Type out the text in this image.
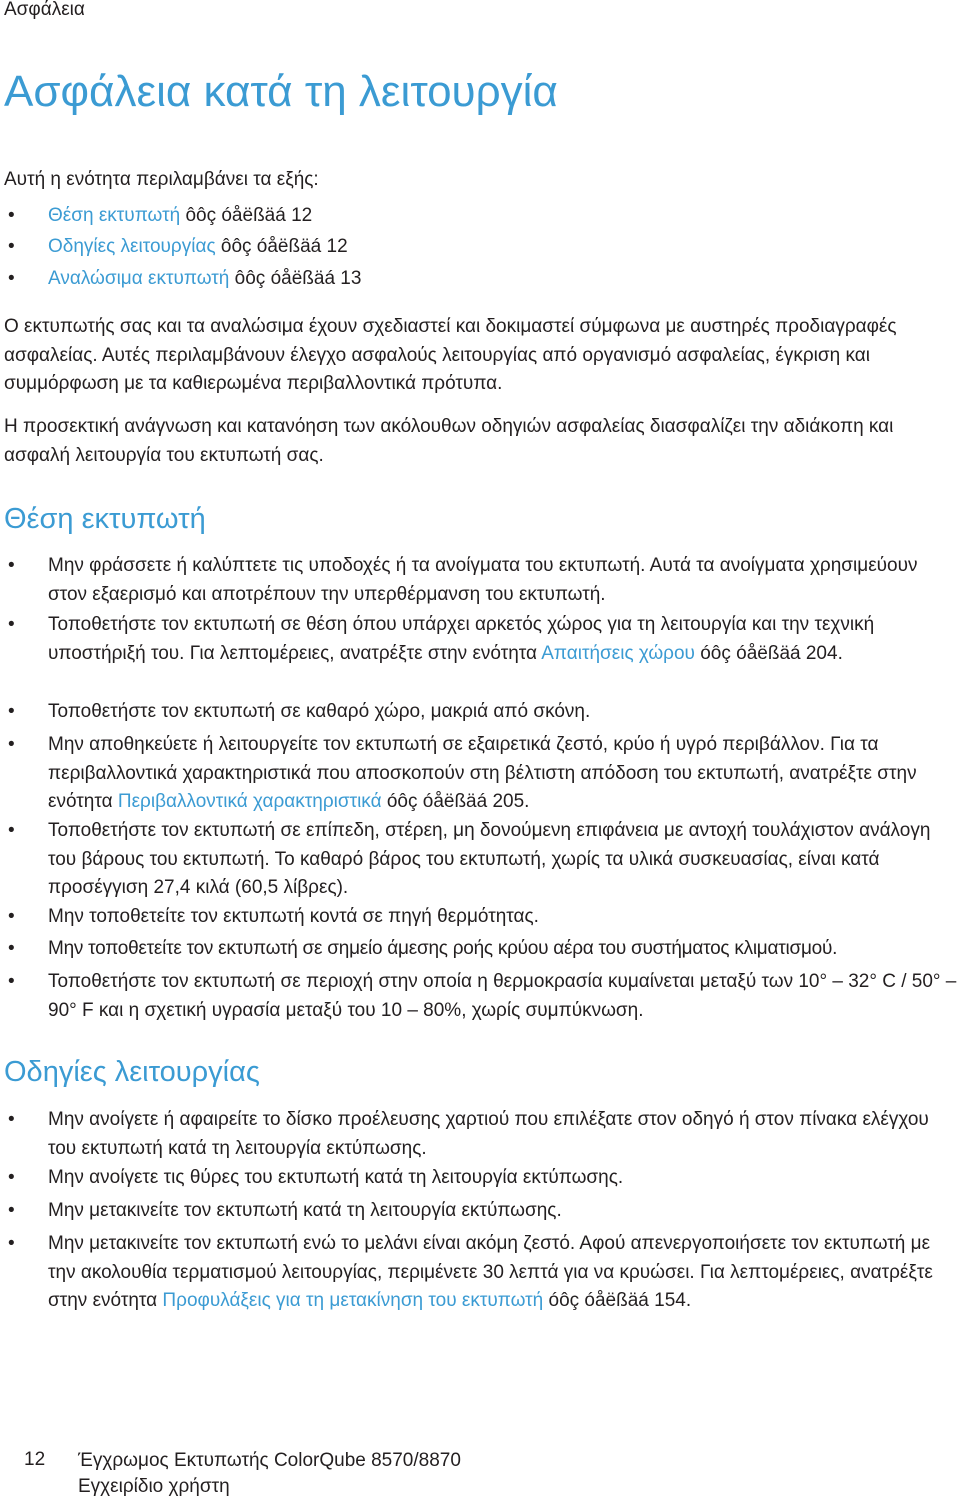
Ασφάλεια
Ασφάλεια κατά τη λειτουργία

Αυτή η ενότητα περιλαμβάνει τα εξής:

• Θέση εκτυπωτή ôôç óåëßäá 12
• Οδηγίες λειτουργίας ôôç óåëßäá 12
• Αναλώσιμα εκτυπωτή ôôç óåëßäá 13

Ο εκτυπωτής σας και τα αναλώσιμα έχουν σχεδιαστεί και δοκιμαστεί σύμφωνα με αυστηρές προδιαγραφές ασφαλείας. Αυτές περιλαμβάνουν έλεγχο ασφαλούς λειτουργίας από οργανισμό ασφαλείας, έγκριση και συμμόρφωση με τα καθιερωμένα περιβαλλοντικά πρότυπα.

Η προσεκτική ανάγνωση και κατανόηση των ακόλουθων οδηγιών ασφαλείας διασφαλίζει την αδιάκοπη και ασφαλή λειτουργία του εκτυπωτή σας.

Θέση εκτυπωτή
• Μην φράσσετε ή καλύπτετε τις υποδοχές ή τα ανοίγματα του εκτυπωτή. Αυτά τα ανοίγματα χρησιμεύουν στον εξαερισμό και αποτρέπουν την υπερθέρμανση του εκτυπωτή.
• Τοποθετήστε τον εκτυπωτή σε θέση όπου υπάρχει αρκετός χώρος για τη λειτουργία και την τεχνική υποστήριξή του. Για λεπτομέρειες, ανατρέξτε στην ενότητα Απαιτήσεις χώρου óôç óåëßäá 204.
• Τοποθετήστε τον εκτυπωτή σε καθαρό χώρο, μακριά από σκόνη.
• Μην αποθηκεύετε ή λειτουργείτε τον εκτυπωτή σε εξαιρετικά ζεστό, κρύο ή υγρό περιβάλλον. Για τα περιβαλλοντικά χαρακτηριστικά που αποσκοπούν στη βέλτιστη απόδοση του εκτυπωτή, ανατρέξτε στην ενότητα Περιβαλλοντικά χαρακτηριστικά óôç óåëßäá 205.
• Τοποθετήστε τον εκτυπωτή σε επίπεδη, στέρεη, μη δονούμενη επιφάνεια με αντοχή τουλάχιστον ανάλογη του βάρους του εκτυπωτή. Το καθαρό βάρος του εκτυπωτή, χωρίς τα υλικά συσκευασίας, είναι κατά προσέγγιση 27,4 κιλά (60,5 λίβρες).
• Μην τοποθετείτε τον εκτυπωτή κοντά σε πηγή θερμότητας.
• Μην τοποθετείτε τον εκτυπωτή σε σημείο άμεσης ροής κρύου αέρα του συστήματος κλιματισμού.
• Τοποθετήστε τον εκτυπωτή σε περιοχή στην οποία η θερμοκρασία κυμαίνεται μεταξύ των 10° – 32° C / 50° – 90° F και η σχετική υγρασία μεταξύ του 10 – 80%, χωρίς συμπύκνωση.
Οδηγίες λειτουργίας
• Μην ανοίγετε ή αφαιρείτε το δίσκο προέλευσης χαρτιού που επιλέξατε στον οδηγό ή στον πίνακα ελέγχου του εκτυπωτή κατά τη λειτουργία εκτύπωσης.
• Μην ανοίγετε τις θύρες του εκτυπωτή κατά τη λειτουργία εκτύπωσης.
• Μην μετακινείτε τον εκτυπωτή κατά τη λειτουργία εκτύπωσης.
• Μην μετακινείτε τον εκτυπωτή ενώ το μελάνι είναι ακόμη ζεστό. Αφού απενεργοποιήσετε τον εκτυπωτή με την ακολουθία τερματισμού λειτουργίας, περιμένετε 30 λεπτά για να κρυώσει. Για λεπτομέρειες, ανατρέξτε στην ενότητα Προφυλάξεις για τη μετακίνηση του εκτυπωτή óôç óåëßäá 154.
12 Έγχρωμος Εκτυπωτής ColorQube 8570/8870
Εγχειρίδιο χρήστη
